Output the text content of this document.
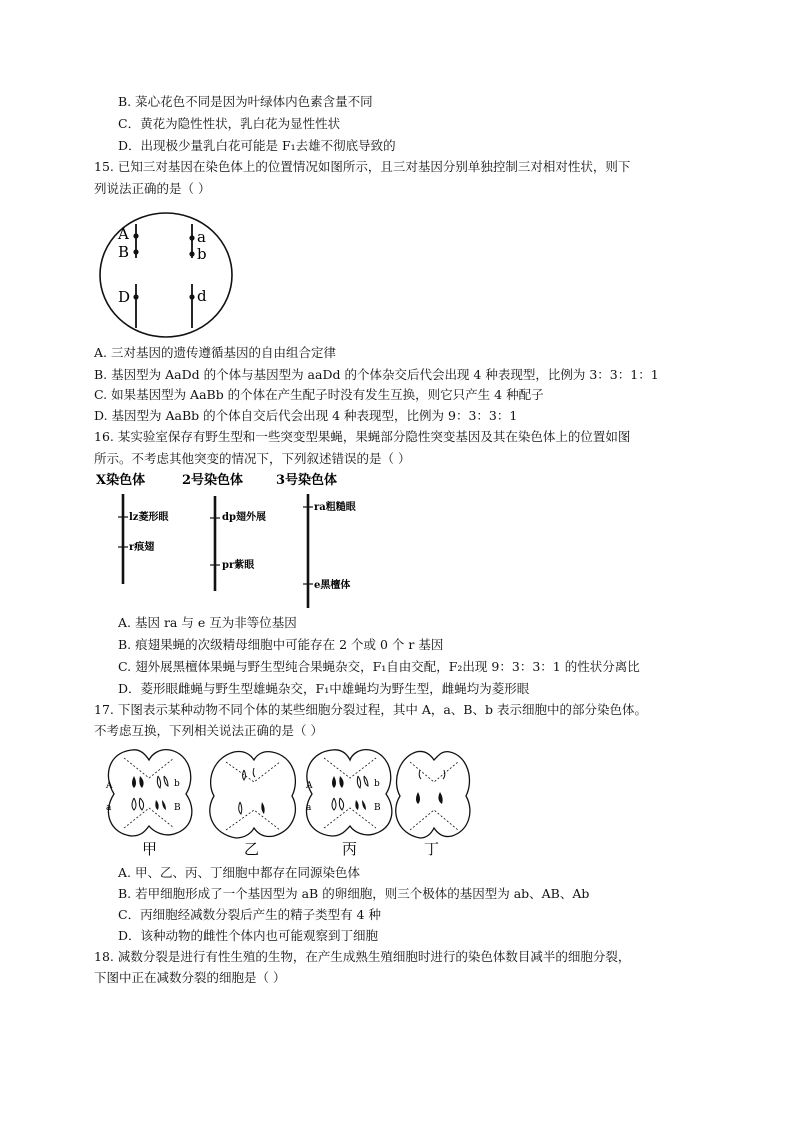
B. 菜心花色不同是因为叶绿体内色素含量不同
C．黄花为隐性性状，乳白花为显性性状
D．出现极少量乳白花可能是 F₁去雄不彻底导致的
15. 已知三对基因在染色体上的位置情况如图所示，且三对基因分别单独控制三对相对性状，则下
列说法正确的是（ ）
A
B
D
a
b
d
A. 三对基因的遗传遵循基因的自由组合定律
B. 基因型为 AaDd 的个体与基因型为 aaDd 的个体杂交后代会出现 4 种表现型，比例为 3：3：1：1
C. 如果基因型为 AaBb 的个体在产生配子时没有发生互换，则它只产生 4 种配子
D. 基因型为 AaBb 的个体自交后代会出现 4 种表现型，比例为 9：3：3：1
16. 某实验室保存有野生型和一些突变型果蝇，果蝇部分隐性突变基因及其在染色体上的位置如图
所示。不考虑其他突变的情况下，下列叙述错误的是（ ）
X染色体	2号染色体	3号染色体
lz菱形眼
r痕翅
dp翅外展
pr紫眼
ra粗糙眼
e黑檀体
A. 基因 ra 与 e 互为非等位基因
B. 痕翅果蝇的次级精母细胞中可能存在 2 个或 0 个 r 基因
C. 翅外展黑檀体果蝇与野生型纯合果蝇杂交，F₁自由交配，F₂出现 9：3：3：1 的性状分离比
D．菱形眼雌蝇与野生型雄蝇杂交，F₁中雄蝇均为野生型，雌蝇均为菱形眼
17. 下图表示某种动物不同个体的某些细胞分裂过程，其中 A，a、B、b 表示细胞中的部分染色体。
不考虑互换，下列相关说法正确的是（ ）
A	b
a	B
A	b
a	B
甲	乙	丙	丁
A. 甲、乙、丙、丁细胞中都存在同源染色体
B. 若甲细胞形成了一个基因型为 aB 的卵细胞，则三个极体的基因型为 ab、AB、Ab
C．丙细胞经减数分裂后产生的精子类型有 4 种
D．该种动物的雌性个体内也可能观察到丁细胞
18. 减数分裂是进行有性生殖的生物，在产生成熟生殖细胞时进行的染色体数目减半的细胞分裂，
下图中正在减数分裂的细胞是（ ）
